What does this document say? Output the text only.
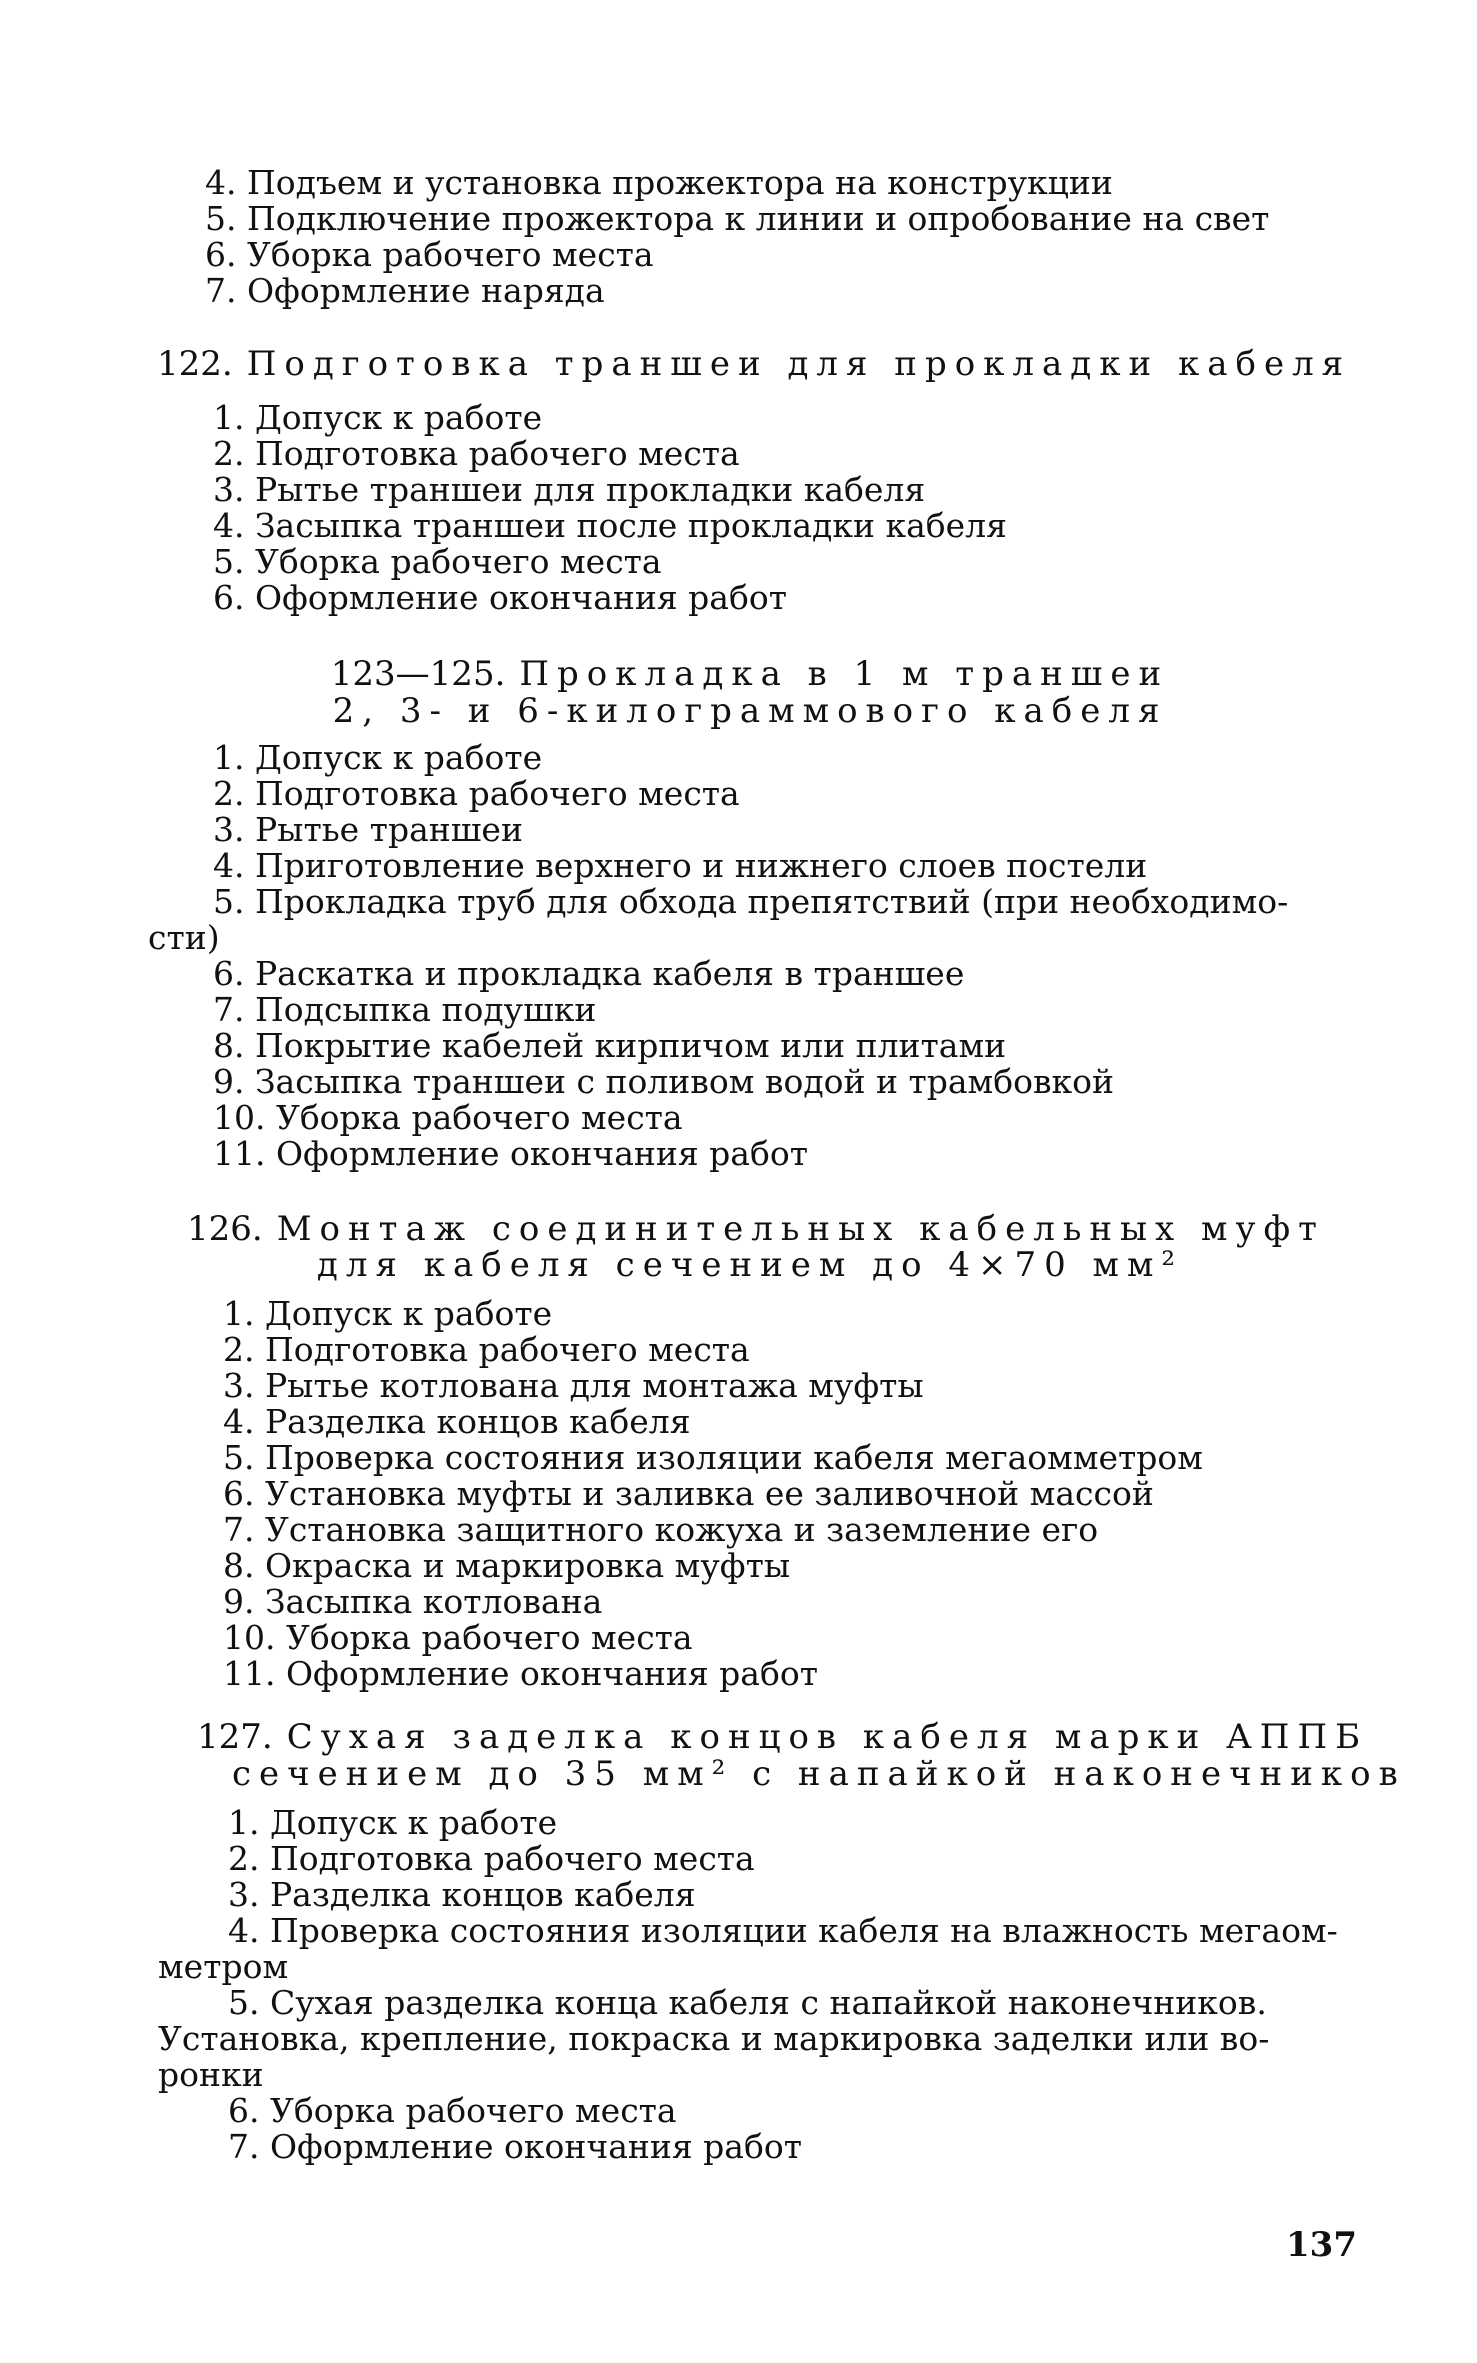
4. Подъем и установка прожектора на конструкции
5. Подключение прожектора к линии и опробование на свет
6. Уборка рабочего места
7. Оформление наряда
122. Подготовка траншеи для прокладки кабеля
1. Допуск к работе
2. Подготовка рабочего места
3. Рытье траншеи для прокладки кабеля
4. Засыпка траншеи после прокладки кабеля
5. Уборка рабочего места
6. Оформление окончания работ
123—125. Прокладка в 1 м траншеи
2, 3- и 6-килограммового кабеля
1. Допуск к работе
2. Подготовка рабочего места
3. Рытье траншеи
4. Приготовление верхнего и нижнего слоев постели
5. Прокладка труб для обхода препятствий (при необходимо-
сти)
6. Раскатка и прокладка кабеля в траншее
7. Подсыпка подушки
8. Покрытие кабелей кирпичом или плитами
9. Засыпка траншеи с поливом водой и трамбовкой
10. Уборка рабочего места
11. Оформление окончания работ
126. Монтаж соединительных кабельных муфт
для кабеля сечением до 4×70 мм²
1. Допуск к работе
2. Подготовка рабочего места
3. Рытье котлована для монтажа муфты
4. Разделка концов кабеля
5. Проверка состояния изоляции кабеля мегаомметром
6. Установка муфты и заливка ее заливочной массой
7. Установка защитного кожуха и заземление его
8. Окраска и маркировка муфты
9. Засыпка котлована
10. Уборка рабочего места
11. Оформление окончания работ
127. Сухая заделка концов кабеля марки АППБ
сечением до 35 мм² с напайкой наконечников
1. Допуск к работе
2. Подготовка рабочего места
3. Разделка концов кабеля
4. Проверка состояния изоляции кабеля на влажность мегаом-
метром
5. Сухая разделка конца кабеля с напайкой наконечников.
Установка, крепление, покраска и маркировка заделки или во-
ронки
6. Уборка рабочего места
7. Оформление окончания работ
137
